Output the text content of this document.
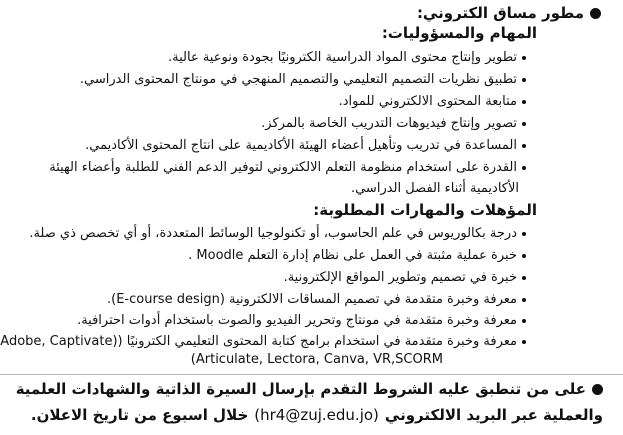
مطور مساق الكتروني:
المهام والمسؤوليات:
تطوير وإنتاج محتوى المواد الدراسية الكترونيًا بجودة ونوعية عالية.
تطبيق نظريات التصميم التعليمي والتصميم المنهجي في مونتاج المحتوى الدراسي.
متابعة المحتوى الالكتروني للمواد.
تصوير وإنتاج فيديوهات التدريب الخاصة بالمركز.
المساعدة في تدريب وتأهيل أعضاء الهيئة الأكاديمية على انتاج المحتوى الأكاديمي.
القدرة على استخدام منظومة التعلم الالكتروني لتوفير الدعم الفني للطلبة وأعضاء الهيئة
الأكاديمية أثناء الفصل الدراسي.
المؤهلات والمهارات المطلوبة:
درجة بكالوريوس في علم الحاسوب، أو تكنولوجيا الوسائط المتعددة، أو أي تخصص ذي صلة.
خبرة عملية مثبتة في العمل على نظام إدارة التعلم Moodle .
خبرة في تصميم وتطوير المواقع الإلكترونية.
معرفة وخبرة متقدمة في تصميم المساقات الالكترونية (E-course design).
معرفة وخبرة متقدمة في مونتاج وتحرير الفيديو والصوت باستخدام أدوات احترافية.
معرفة وخبرة متقدمة في استخدام برامج كتابة المحتوى التعليمي الكترونيًا ((Adobe, Captivate
(Articulate, Lectora, Canva, VR,SCORM
على من تنطبق عليه الشروط التقدم بإرسال السيرة الذاتية والشهادات العلمية
والعملية عبر البريد الالكتروني
(hr4@zuj.edu.jo)
خلال اسبوع من تاريخ الاعلان.
